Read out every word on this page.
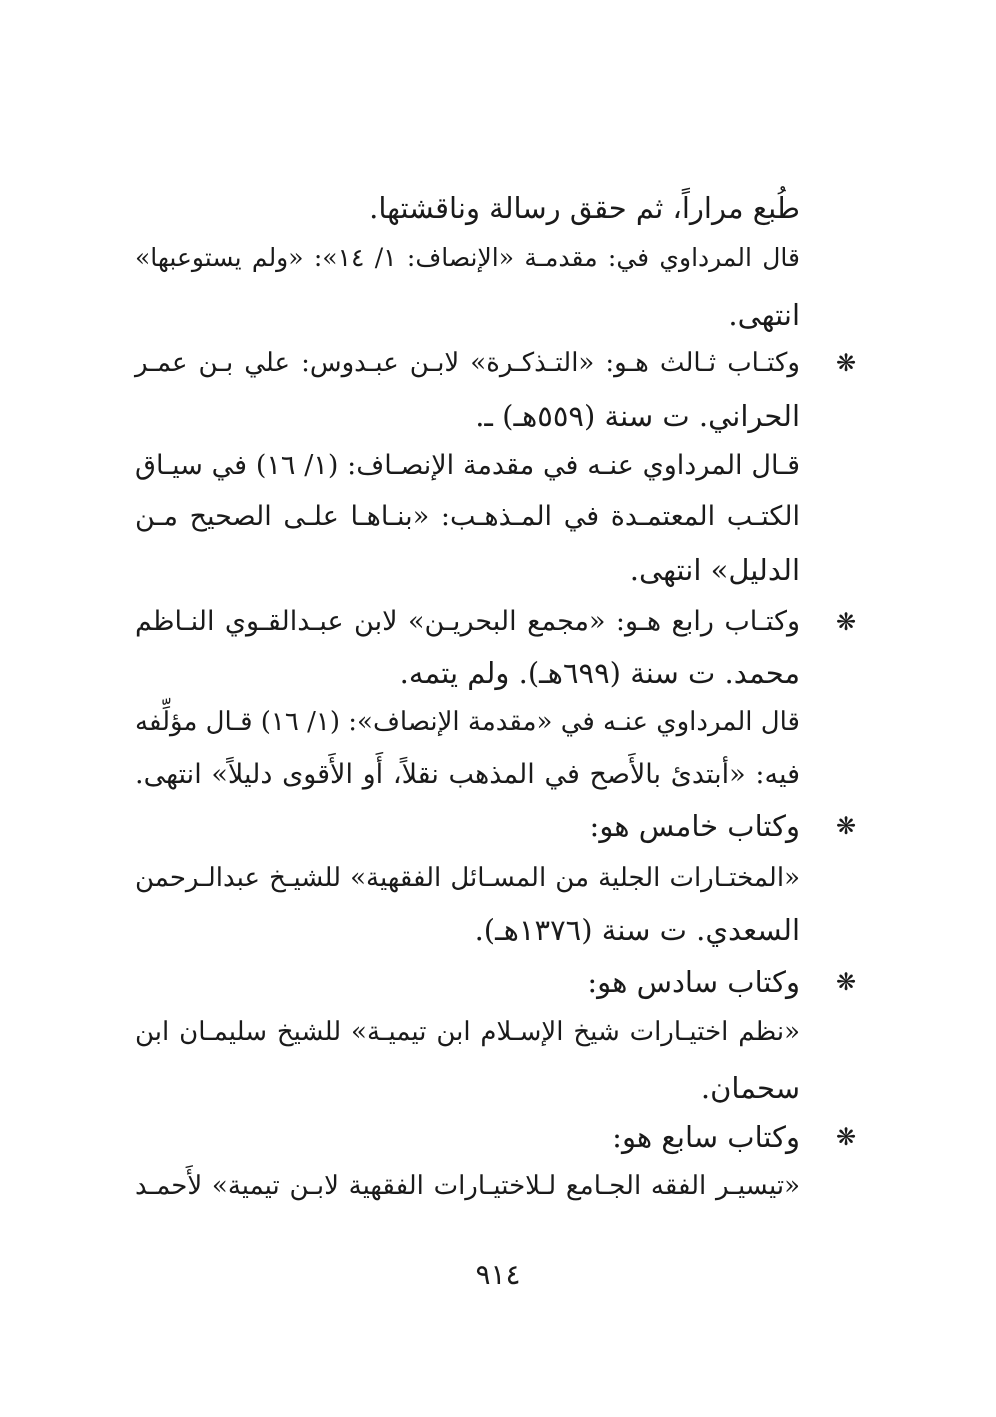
طُبع مراراً، ثم حقق رسالة وناقشتها.
قال المرداوي في: مقدمـة «الإنصاف: ١/ ١٤»: «ولم يستوعبها»
انتهى.
❋
وكتـاب ثـالث هـو: «التـذكـرة» لابـن عبـدوس: علي بـن عمـر
الحراني. ت سنة (٥٥٩هـ) ـ.
قـال المرداوي عنـه في مقدمة الإنصـاف: (١/ ١٦) في سيـاق
الكتـب المعتمـدة في المـذهـب: «بنـاهـا علـى الصحيح مـن
الدليل» انتهى.
❋
وكتـاب رابع هـو: «مجمع البحريـن» لابن عبـدالقـوي النـاظم
محمد. ت سنة (٦٩٩هـ). ولم يتمه.
قال المرداوي عنـه في «مقدمة الإنصاف»: (١/ ١٦) قـال مؤلِّفه
فيه: «أبتدئ بالأَصح في المذهب نقلاً، أَو الأَقوى دليلاً» انتهى.
❋
وكتاب خامس هو:
«المختـارات الجلية من المسـائل الفقهية» للشيـخ عبدالـرحمن
السعدي. ت سنة (١٣٧٦هـ).
❋
وكتاب سادس هو:
«نظم اختيـارات شيخ الإسـلام ابن تيميـة» للشيخ سليمـان ابن
سحمان.
❋
وكتاب سابع هو:
«تيسيـر الفقه الجـامع لـلاختيـارات الفقهية لابـن تيمية» لأَحمـد
٩١٤
